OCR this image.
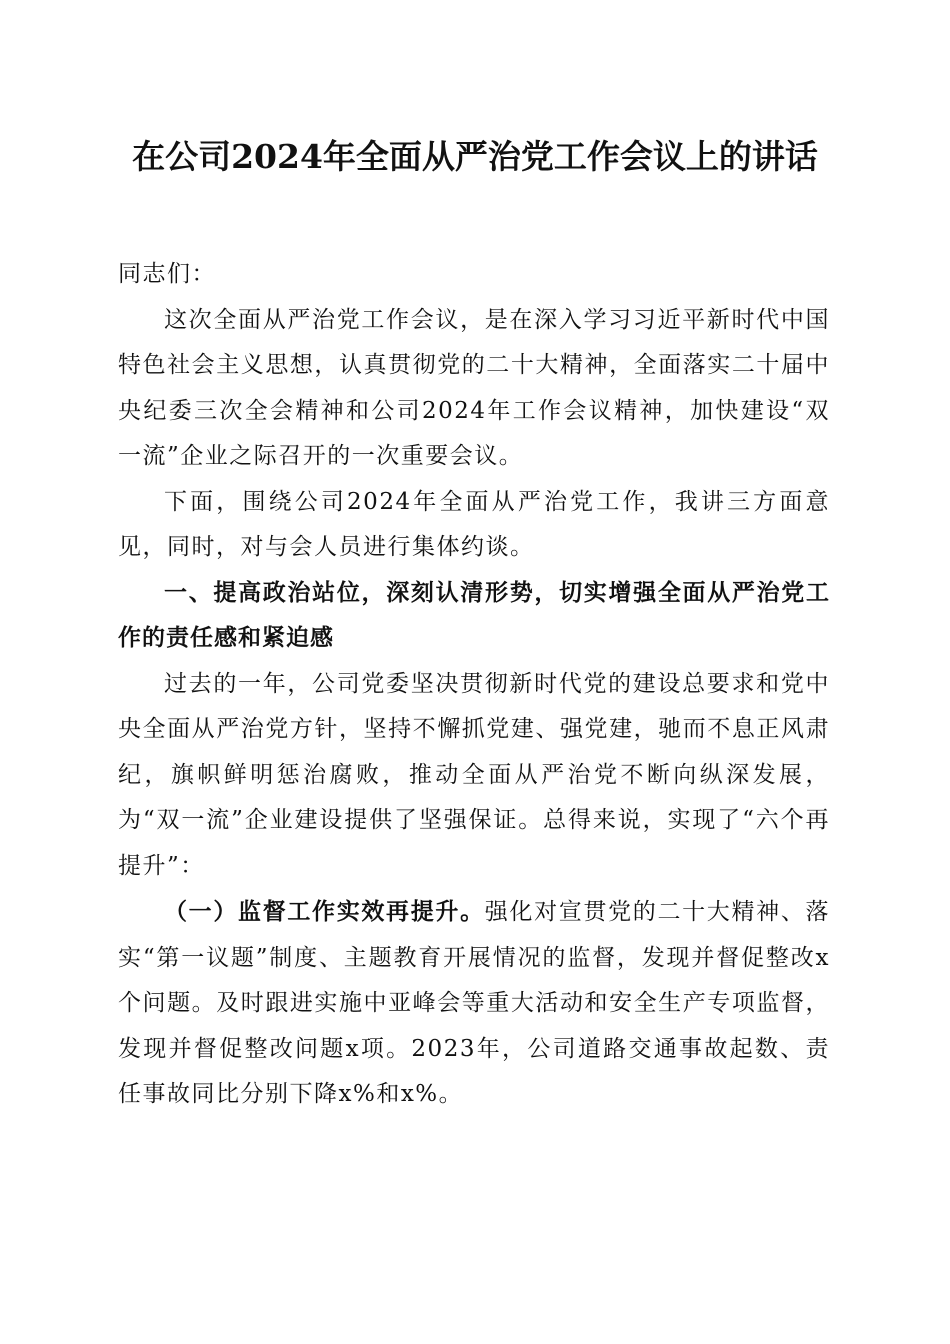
在公司2024年全面从严治党工作会议上的讲话

同志们：

这次全面从严治党工作会议，是在深入学习习近平新时代中国特色社会主义思想，认真贯彻党的二十大精神，全面落实二十届中央纪委三次全会精神和公司2024年工作会议精神，加快建设“双一流”企业之际召开的一次重要会议。

下面，围绕公司2024年全面从严治党工作，我讲三方面意见，同时，对与会人员进行集体约谈。

一、提高政治站位，深刻认清形势，切实增强全面从严治党工作的责任感和紧迫感

过去的一年，公司党委坚决贯彻新时代党的建设总要求和党中央全面从严治党方针，坚持不懈抓党建、强党建，驰而不息正风肃纪，旗帜鲜明惩治腐败，推动全面从严治党不断向纵深发展，为“双一流”企业建设提供了坚强保证。总得来说，实现了“六个再提升”：

（一）监督工作实效再提升。强化对宣贯党的二十大精神、落实“第一议题”制度、主题教育开展情况的监督，发现并督促整改x个问题。及时跟进实施中亚峰会等重大活动和安全生产专项监督，发现并督促整改问题x项。2023年，公司道路交通事故起数、责任事故同比分别下降x%和x%。
